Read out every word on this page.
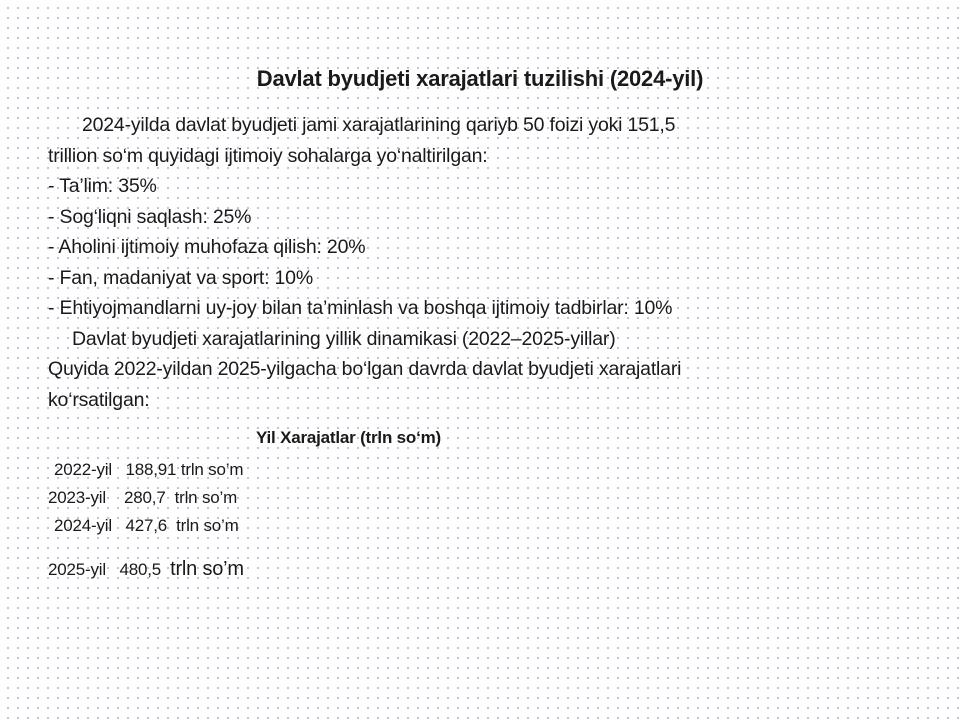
Davlat byudjeti xarajatlari tuzilishi (2024-yil)
2024-yilda davlat byudjeti jami xarajatlarining qariyb 50 foizi yoki 151,5
trillion so‘m quyidagi ijtimoiy sohalarga yo‘naltirilgan:
- Ta’lim: 35%
- Sog‘liqni saqlash: 25%
- Aholini ijtimoiy muhofaza qilish: 20%
- Fan, madaniyat va sport: 10%
- Ehtiyojmandlarni uy-joy bilan ta’minlash va boshqa ijtimoiy tadbirlar: 10%
Davlat byudjeti xarajatlarining yillik dinamikasi (2022–2025-yillar)
Quyida 2022-yildan 2025-yilgacha bo‘lgan davrda davlat byudjeti xarajatlari
ko‘rsatilgan:
Yil Xarajatlar (trln so‘m)
2022-yil 188,91 trln so’m
2023-yil 280,7 trln so’m
2024-yil 427,6 trln so’m
2025-yil 480,5 trln so’m
